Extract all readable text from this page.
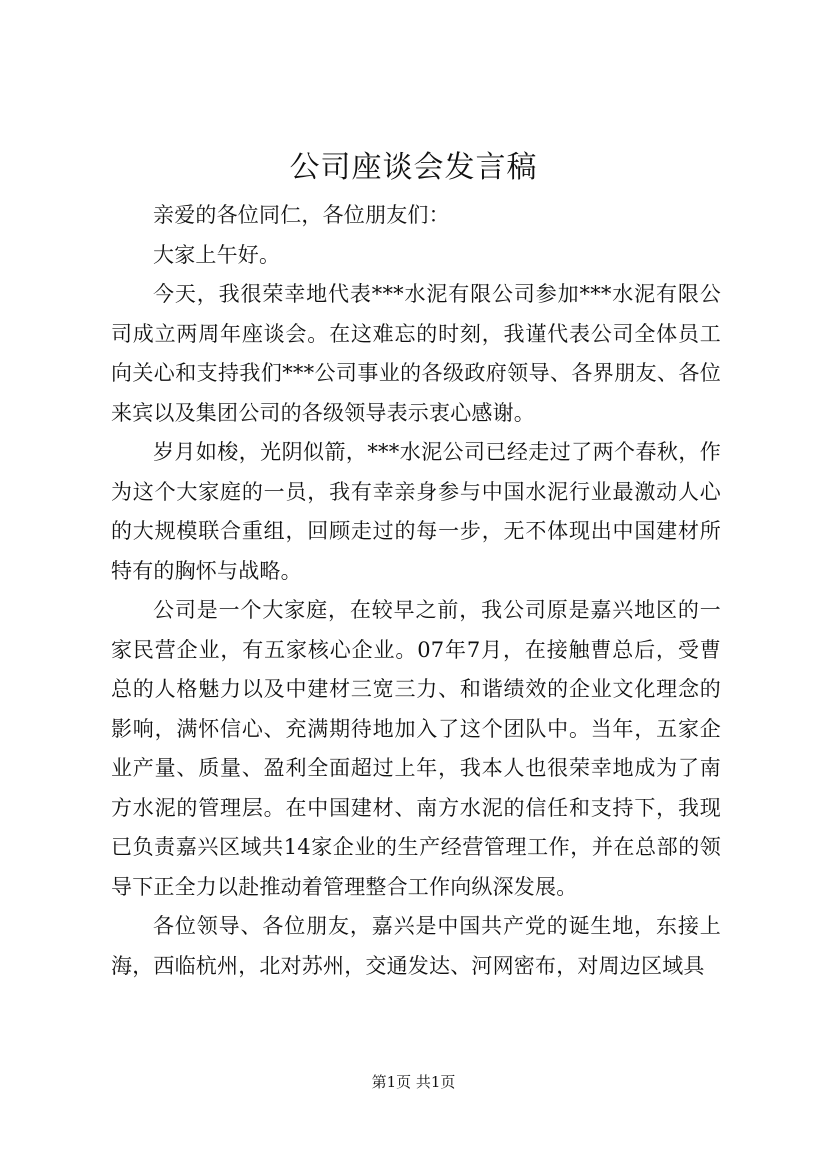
公司座谈会发言稿

亲爱的各位同仁，各位朋友们：

大家上午好。

今天，我很荣幸地代表***水泥有限公司参加***水泥有限公司成立两周年座谈会。在这难忘的时刻，我谨代表公司全体员工向关心和支持我们***公司事业的各级政府领导、各界朋友、各位来宾以及集团公司的各级领导表示衷心感谢。

岁月如梭，光阴似箭，***水泥公司已经走过了两个春秋，作为这个大家庭的一员，我有幸亲身参与中国水泥行业最激动人心的大规模联合重组，回顾走过的每一步，无不体现出中国建材所特有的胸怀与战略。

公司是一个大家庭，在较早之前，我公司原是嘉兴地区的一家民营企业，有五家核心企业。07年7月，在接触曹总后，受曹总的人格魅力以及中建材三宽三力、和谐绩效的企业文化理念的影响，满怀信心、充满期待地加入了这个团队中。当年，五家企业产量、质量、盈利全面超过上年，我本人也很荣幸地成为了南方水泥的管理层。在中国建材、南方水泥的信任和支持下，我现已负责嘉兴区域共14家企业的生产经营管理工作，并在总部的领导下正全力以赴推动着管理整合工作向纵深发展。

各位领导、各位朋友，嘉兴是中国共产党的诞生地，东接上海，西临杭州，北对苏州，交通发达、河网密布，对周边区域具

第1页 共1页
